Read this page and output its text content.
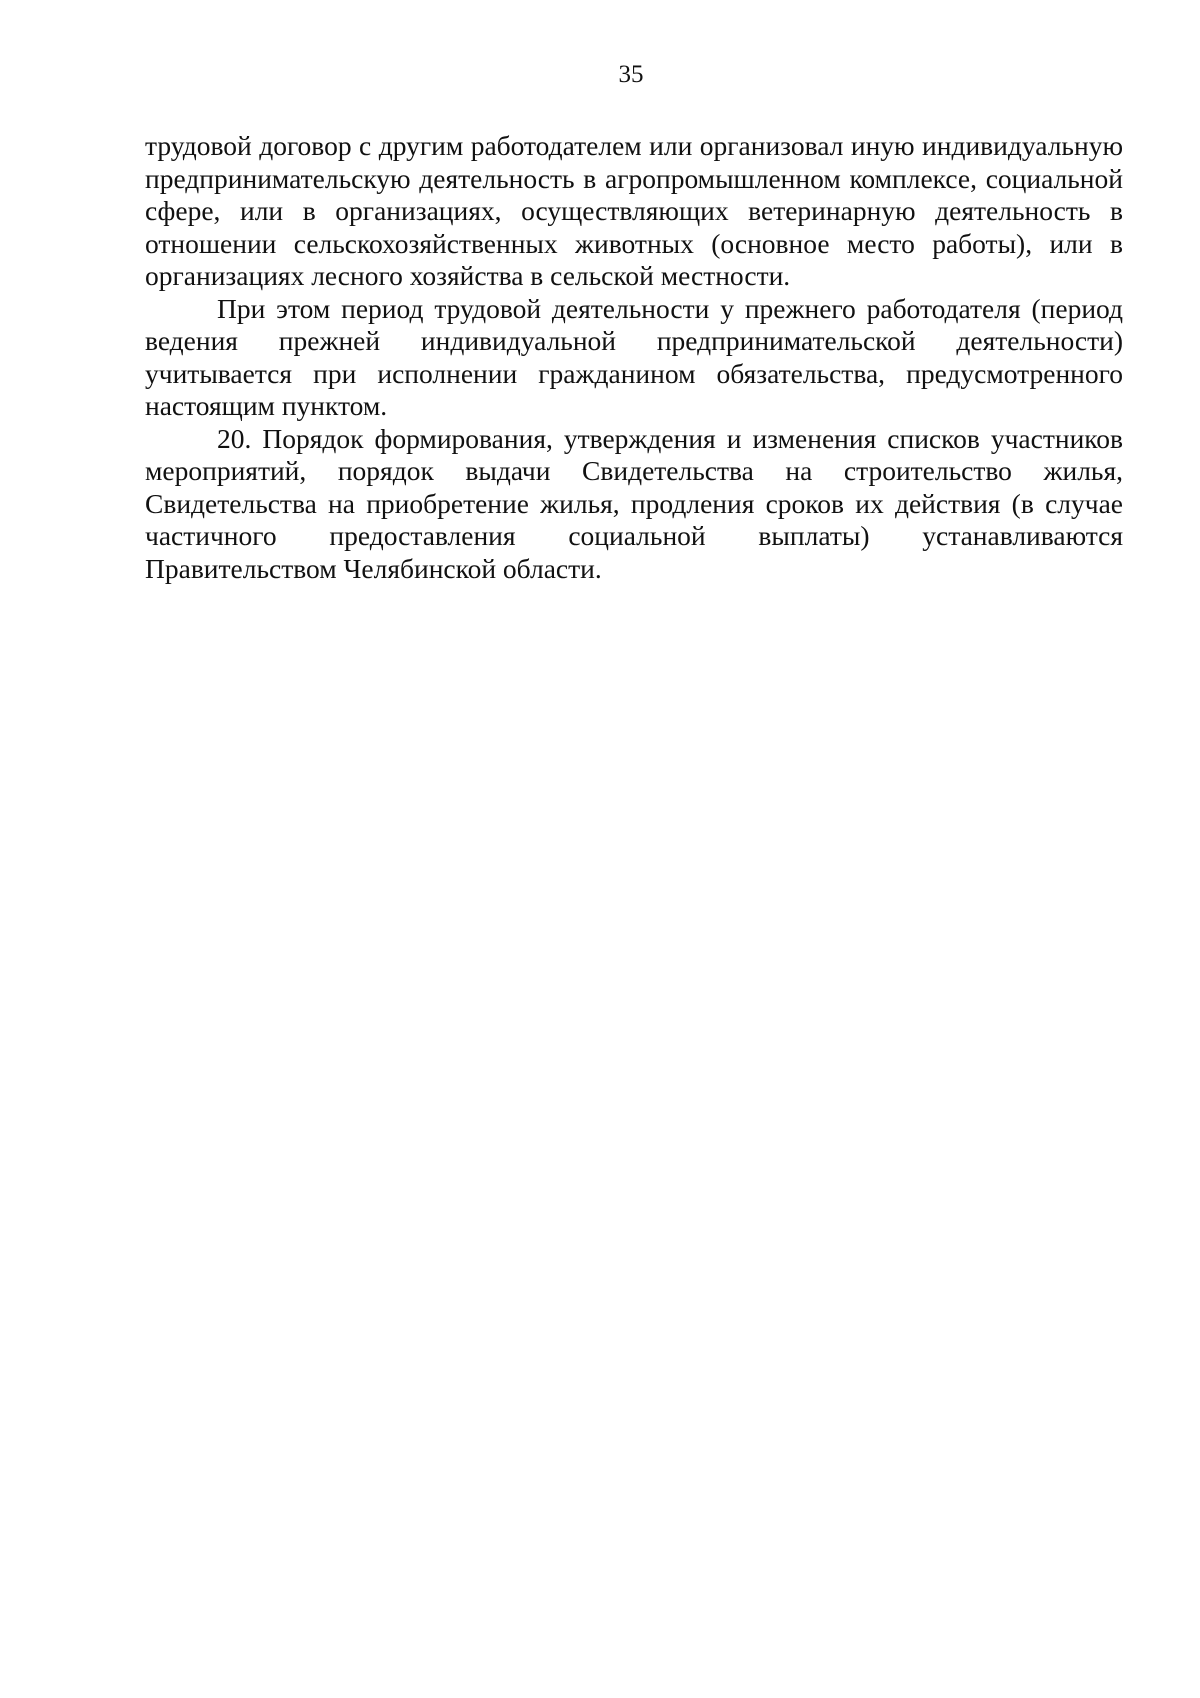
35

трудовой договор с другим работодателем или организовал иную индивидуальную предпринимательскую деятельность в агропромышленном комплексе, социальной сфере, или в организациях, осуществляющих ветеринарную деятельность в отношении сельскохозяйственных животных (основное место работы), или в организациях лесного хозяйства в сельской местности.

При этом период трудовой деятельности у прежнего работодателя (период ведения прежней индивидуальной предпринимательской деятельности) учитывается при исполнении гражданином обязательства, предусмотренного настоящим пунктом.

20. Порядок формирования, утверждения и изменения списков участников мероприятий, порядок выдачи Свидетельства на строительство жилья, Свидетельства на приобретение жилья, продления сроков их действия (в случае частичного предоставления социальной выплаты) устанавливаются Правительством Челябинской области.
